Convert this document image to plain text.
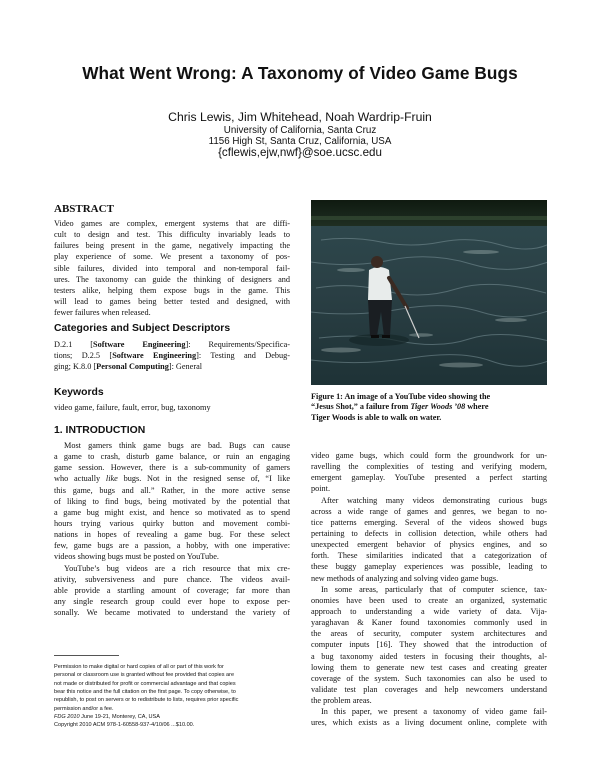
What Went Wrong: A Taxonomy of Video Game Bugs
Chris Lewis, Jim Whitehead, Noah Wardrip-Fruin
University of California, Santa Cruz
1156 High St, Santa Cruz, California, USA
{cflewis,ejw,nwf}@soe.ucsc.edu
ABSTRACT
Video games are complex, emergent systems that are diffi-
cult to design and test. This difficulty invariably leads to
failures being present in the game, negatively impacting the
play experience of some. We present a taxonomy of pos-
sible failures, divided into temporal and non-temporal fail-
ures. The taxonomy can guide the thinking of designers and
testers alike, helping them expose bugs in the game. This
will lead to games being better tested and designed, with
fewer failures when released.
Categories and Subject Descriptors
D.2.1 [Software Engineering]: Requirements/Specifica-
tions; D.2.5 [Software Engineering]: Testing and Debug-
ging; K.8.0 [Personal Computing]: General
Keywords
video game, failure, fault, error, bug, taxonomy
1. INTRODUCTION
Most gamers think game bugs are bad. Bugs can cause
a game to crash, disturb game balance, or ruin an engaging
game session. However, there is a sub-community of gamers
who actually like bugs. Not in the resigned sense of, “I like
this game, bugs and all.” Rather, in the more active sense
of liking to find bugs, being motivated by the potential that
a game bug might exist, and hence so motivated as to spend
hours trying various quirky button and movement combi-
nations in hopes of revealing a game bug. For these select
few, game bugs are a passion, a hobby, with one imperative:
videos showing bugs must be posted on YouTube.
YouTube’s bug videos are a rich resource that mix cre-
ativity, subversiveness and pure chance. The videos avail-
able provide a startling amount of coverage; far more than
any single research group could ever hope to expose per-
sonally. We became motivated to understand the variety of
Permission to make digital or hard copies of all or part of this work for
personal or classroom use is granted without fee provided that copies are
not made or distributed for profit or commercial advantage and that copies
bear this notice and the full citation on the first page. To copy otherwise, to
republish, to post on servers or to redistribute to lists, requires prior specific
permission and/or a fee.
FDG 2010 June 19-21, Monterey, CA, USA
Copyright 2010 ACM 978-1-60558-937-4/10/06 ...$10.00.
Figure 1: An image of a YouTube video showing the
“Jesus Shot,” a failure from Tiger Woods ’08 where
Tiger Woods is able to walk on water.
video game bugs, which could form the groundwork for un-
ravelling the complexities of testing and verifying modern,
emergent gameplay. YouTube presented a perfect starting
point.
After watching many videos demonstrating curious bugs
across a wide range of games and genres, we began to no-
tice patterns emerging. Several of the videos showed bugs
pertaining to defects in collision detection, while others had
unexpected emergent behavior of physics engines, and so
forth. These similarities indicated that a categorization of
these buggy gameplay experiences was possible, leading to
new methods of analyzing and solving video game bugs.
In some areas, particularly that of computer science, tax-
onomies have been used to create an organized, systematic
approach to understanding a wide variety of data. Vija-
yaraghavan & Kaner found taxonomies commonly used in
the areas of security, computer system architectures and
computer inputs [16]. They showed that the introduction of
a bug taxonomy aided testers in focusing their thoughts, al-
lowing them to generate new test cases and creating greater
coverage of the system. Such taxonomies can also be used to
validate test plan coverages and help newcomers understand
the problem areas.
In this paper, we present a taxonomy of video game fail-
ures, which exists as a living document online, complete with
